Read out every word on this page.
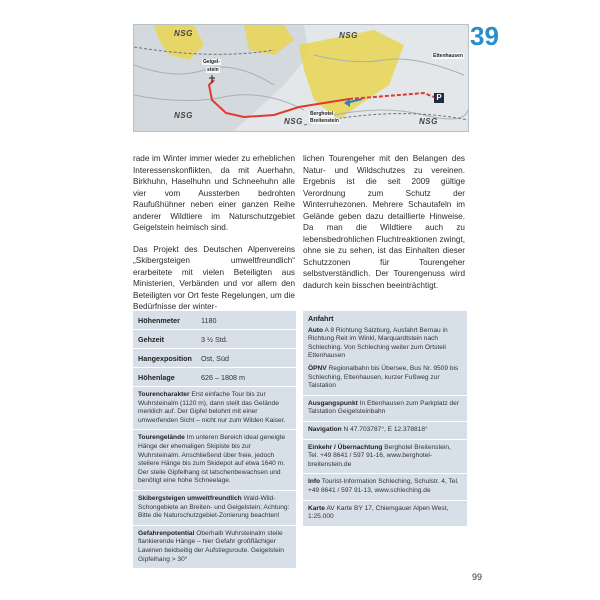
NSG	NSG
NSG
NSG	NSG
Geigel-
stein
Ettenhausen
Berghotel
Breitenstein
P
39

rade im Winter immer wieder zu erheblichen Interessenskonflikten, da mit Auerhahn, Birkhuhn, Haselhuhn und Schneehuhn alle vier vom Aussterben bedrohten Raufußhühner neben einer ganzen Reihe anderer Wildtiere im Naturschutzgebiet Geigelstein heimisch sind.

Das Projekt des Deutschen Alpenvereins „Skibergsteigen umweltfreundlich“ erarbeitete mit vielen Beteiligten aus Ministerien, Verbänden und vor allem den Beteiligten vor Ort feste Regelungen, um die Bedürfnisse der winter-

lichen Tourengeher mit den Belangen des Natur- und Wildschutzes zu vereinen. Ergebnis ist die seit 2009 gültige Verordnung zum Schutz der Winterruhezonen. Mehrere Schautafeln im Gelände geben dazu detaillierte Hinweise. Da man die Wildtiere auch zu lebensbedrohlichen Fluchtreaktionen zwingt, ohne sie zu sehen, ist das Einhalten dieser Schutzzonen für Tourengeher selbstverständlich. Der Tourengenuss wird dadurch kein bisschen beeinträchtigt.

Höhenmeter	1180
Gehzeit	3 ½ Std.
Hangexposition Ost, Süd
Höhenlage	626 – 1808 m
Tourencharakter Erst einfache Tour bis zur Wuhrsteinalm (1120 m), dann steilt das Gelände merklich auf. Der Gipfel belohnt mit einer umwerfenden Sicht – nicht nur zum Wilden Kaiser.
Tourengelände Im unteren Bereich ideal geneigte Hänge der ehemaligen Skipiste bis zur Wuhrsteinalm. Anschließend über freie, jedoch steilere Hänge bis zum Skidepot auf etwa 1640 m. Der steile Gipfelhang ist latschenbewachsen und benötigt eine hohe Schneelage.
Skibergsteigen umweltfreundlich Wald-Wild-Schongebiete an Breiten- und Geigelstein; Achtung: Bitte die Naturschutzgebiet-Zonierung beachten!
Gefahrenpotential Oberhalb Wuhrsteinalm steile flankierende Hänge – hier Gefahr großflächiger Lawinen beidseitig der Aufstiegsroute. Geigelstein Gipfelhang > 30°
Anfahrt
Auto A 8 Richtung Salzburg, Ausfahrt Bernau in Richtung Reit im Winkl, Marquardtstein nach Schleching. Von Schleching weiter zum Ortsteil Ettenhausen
ÖPNV Regionalbahn bis Übersee, Bus Nr. 9509 bis Schleching, Ettenhausen, kurzer Fußweg zur Talstation
Ausgangspunkt In Ettenhausen zum Parkplatz der Talstation Geigelsteinbahn
Navigation N 47.703787°, E 12.378818°
Einkehr / Übernachtung Berghotel Breitenstein, Tel. +49 8641 / 597 91-16, www.berghotel-breitenstein.de
Info Tourist-Information Schleching, Schulstr. 4, Tel. +49 8641 / 597 91-13, www.schleching.de
Karte AV Karte BY 17, Chiemgauer Alpen West, 1:25.000
99
